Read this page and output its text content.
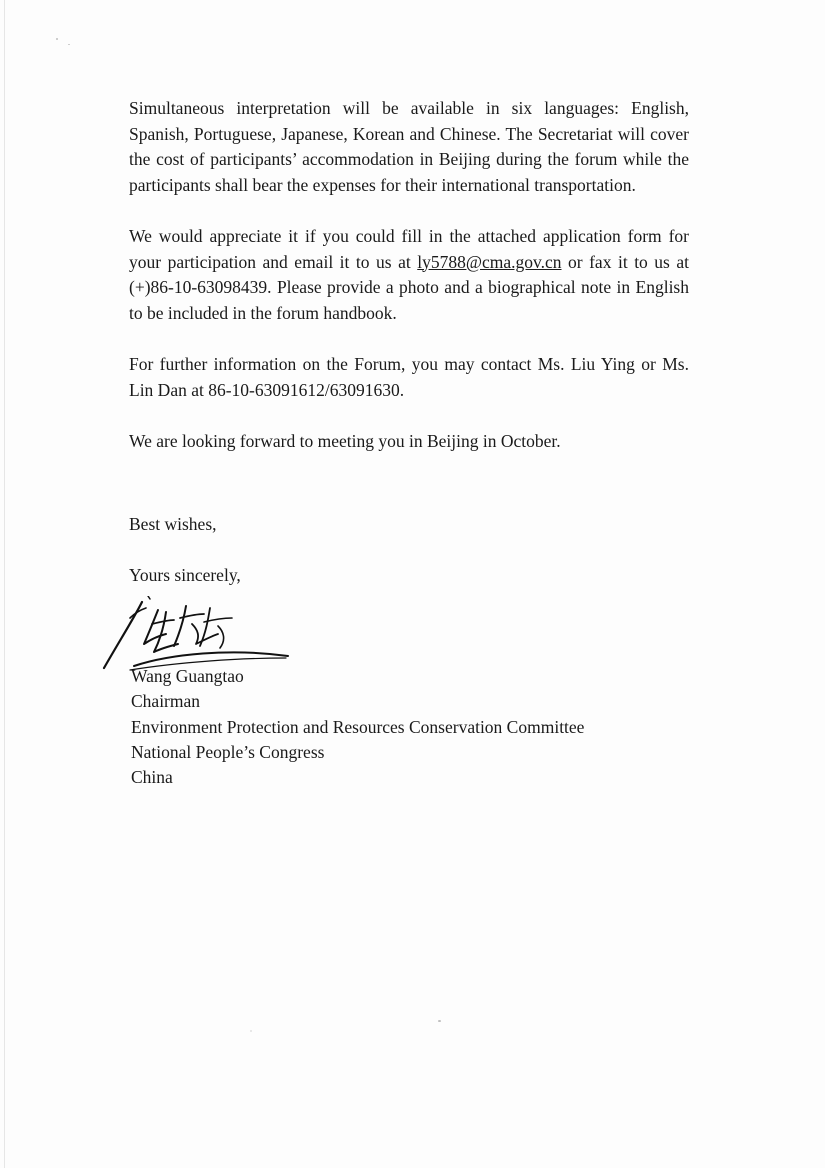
Simultaneous interpretation will be available in six languages: English, Spanish, Portuguese, Japanese, Korean and Chinese. The Secretariat will cover the cost of participants’ accommodation in Beijing during the forum while the participants shall bear the expenses for their international transportation.

We would appreciate it if you could fill in the attached application form for your participation and email it to us at ly5788@cma.gov.cn or fax it to us at (+)86-10-63098439. Please provide a photo and a biographical note in English to be included in the forum handbook.

For further information on the Forum, you may contact Ms. Liu Ying or Ms. Lin Dan at 86-10-63091612/63091630.

We are looking forward to meeting you in Beijing in October.

Best wishes,

Yours sincerely,

Wang Guangtao
Chairman
Environment Protection and Resources Conservation Committee
National People’s Congress
China
